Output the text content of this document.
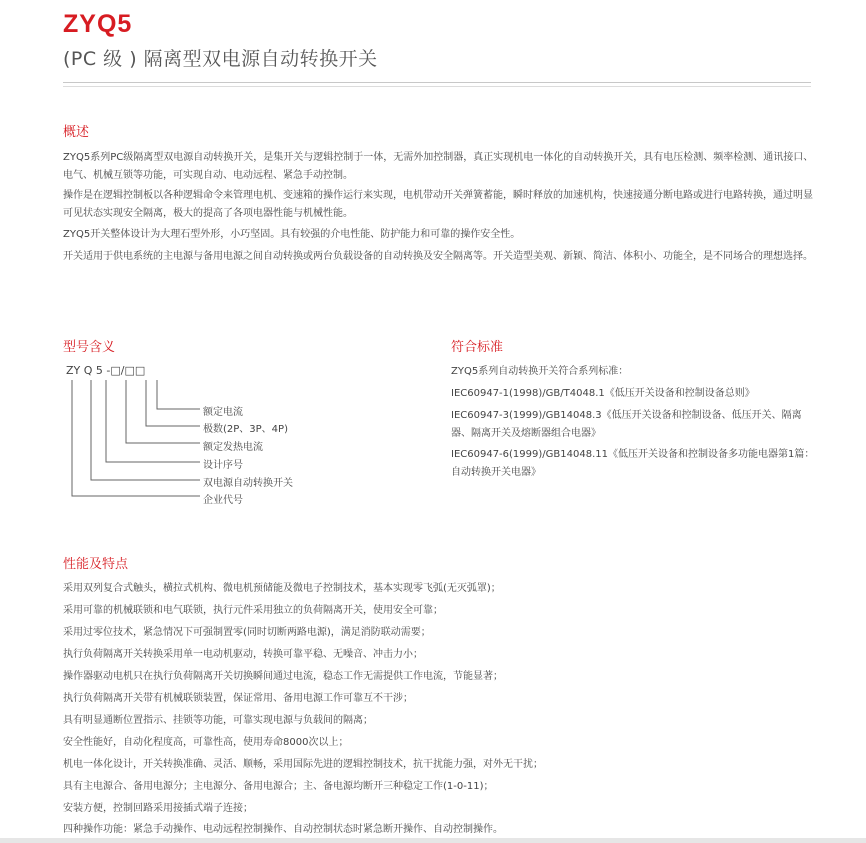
ZYQ5
(PC 级 ) 隔离型双电源自动转换开关
概述

ZYQ5系列PC级隔离型双电源自动转换开关，是集开关与逻辑控制于一体，无需外加控制器，真正实现机电一体化的自动转换开关，具有电压检测、频率检测、通讯接口、电气、机械互锁等功能，可实现自动、电动远程、紧急手动控制。

操作是在逻辑控制板以各种逻辑命令来管理电机、变速箱的操作运行来实现，电机带动开关弹簧蓄能，瞬时释放的加速机构，快速接通分断电路或进行电路转换，通过明显可见状态实现安全隔离，极大的提高了各项电器性能与机械性能。

ZYQ5开关整体设计为大理石型外形，小巧坚固。具有较强的介电性能、防护能力和可靠的操作安全性。

开关适用于供电系统的主电源与备用电源之间自动转换或两台负载设备的自动转换及安全隔离等。开关造型美观、新颖、简洁、体积小、功能全，是不同场合的理想选择。

型号含义
ZY Q 5 -□/□□
额定电流
极数(2P、3P、4P)
额定发热电流
设计序号
双电源自动转换开关
企业代号
符合标准

ZYQ5系列自动转换开关符合系列标准：

IEC60947-1(1998)/GB/T4048.1《低压开关设备和控制设备总则》

IEC60947-3(1999)/GB14048.3《低压开关设备和控制设备、低压开关、隔离器、隔离开关及熔断器组合电器》

IEC60947-6(1999)/GB14048.11《低压开关设备和控制设备多功能电器第1篇：自动转换开关电器》

性能及特点

采用双列复合式触头，横拉式机构、微电机预储能及微电子控制技术，基本实现零飞弧(无灭弧罩)；

采用可靠的机械联锁和电气联锁，执行元件采用独立的负荷隔离开关，使用安全可靠；

采用过零位技术，紧急情况下可强制置零(同时切断两路电源)，满足消防联动需要；

执行负荷隔离开关转换采用单一电动机驱动，转换可靠平稳、无噪音、冲击力小；

操作器驱动电机只在执行负荷隔离开关切换瞬间通过电流，稳态工作无需提供工作电流，节能显著；

执行负荷隔离开关带有机械联锁装置，保证常用、备用电源工作可靠互不干涉；

具有明显通断位置指示、挂锁等功能，可靠实现电源与负载间的隔离；

安全性能好，自动化程度高，可靠性高，使用寿命8000次以上；

机电一体化设计，开关转换准确、灵活、顺畅，采用国际先进的逻辑控制技术，抗干扰能力强，对外无干扰；

具有主电源合、备用电源分；主电源分、备用电源合；主、备电源均断开三种稳定工作(1-0-11)；

安装方便，控制回路采用接插式端子连接；

四种操作功能：紧急手动操作、电动远程控制操作、自动控制状态时紧急断开操作、自动控制操作。
